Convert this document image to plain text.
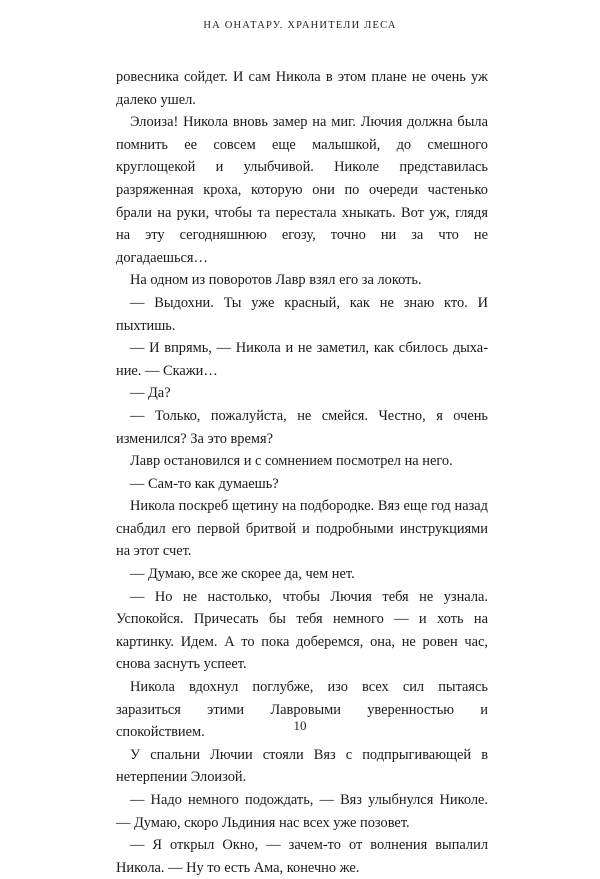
НА ОНАТАРУ. ХРАНИТЕЛИ ЛЕСА

ровесника сойдет. И сам Никола в этом плане не очень уж далеко ушел.

Элоиза! Никола вновь замер на миг. Лючия должна была помнить ее совсем еще малышкой, до смешного круглощекой и улыбчивой. Николе представилась разряженная кроха, которую они по очереди частенько брали на руки, чтобы та перестала хныкать. Вот уж, глядя на эту сегодняшнюю егозу, точно ни за что не догадаешься…

На одном из поворотов Лавр взял его за локоть.

— Выдохни. Ты уже красный, как не знаю кто. И пыхтишь.

— И впрямь, — Никола и не заметил, как сбилось дыхание. — Скажи…

— Да?

— Только, пожалуйста, не смейся. Честно, я очень изменился? За это время?

Лавр остановился и с сомнением посмотрел на него.

— Сам-то как думаешь?

Никола поскреб щетину на подбородке. Вяз еще год назад снабдил его первой бритвой и подробными инструкциями на этот счет.

— Думаю, все же скорее да, чем нет.

— Но не настолько, чтобы Лючия тебя не узнала. Успокойся. Причесать бы тебя немного — и хоть на картинку. Идем. А то пока доберемся, она, не ровен час, снова заснуть успеет.

Никола вдохнул поглубже, изо всех сил пытаясь заразиться этими Лавровыми уверенностью и спокойствием.

У спальни Лючии стояли Вяз с подпрыгивающей в нетерпении Элоизой.

— Надо немного подождать, — Вяз улыбнулся Николе. — Думаю, скоро Льдиния нас всех уже позовет.

— Я открыл Окно, — зачем-то от волнения выпалил Никола. — Ну то есть Ама, конечно же.

10
